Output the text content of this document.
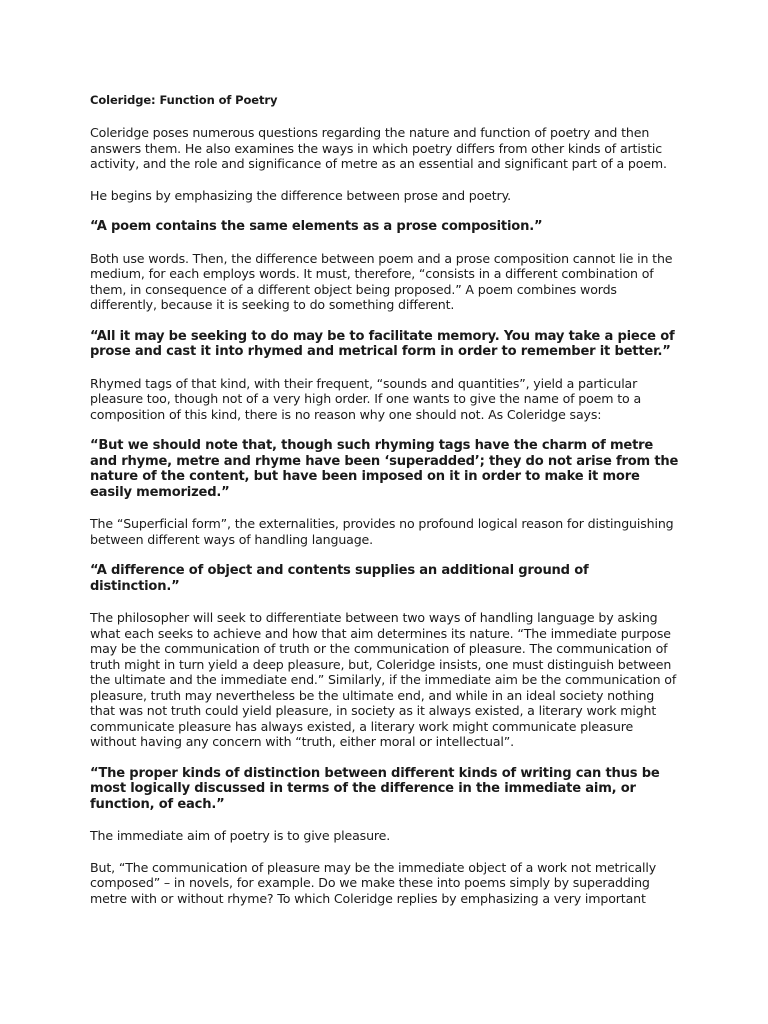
Coleridge: Function of Poetry

Coleridge poses numerous questions regarding the nature and function of poetry and then answers them. He also examines the ways in which poetry differs from other kinds of artistic activity, and the role and significance of metre as an essential and significant part of a poem.

He begins by emphasizing the difference between prose and poetry.

“A poem contains the same elements as a prose composition.”

Both use words. Then, the difference between poem and a prose composition cannot lie in the medium, for each employs words. It must, therefore, “consists in a different combination of them, in consequence of a different object being proposed.” A poem combines words differently, because it is seeking to do something different.

“All it may be seeking to do may be to facilitate memory. You may take a piece of prose and cast it into rhymed and metrical form in order to remember it better.”

Rhymed tags of that kind, with their frequent, “sounds and quantities”, yield a particular pleasure too, though not of a very high order. If one wants to give the name of poem to a composition of this kind, there is no reason why one should not. As Coleridge says:

“But we should note that, though such rhyming tags have the charm of metre and rhyme, metre and rhyme have been ‘superadded’; they do not arise from the nature of the content, but have been imposed on it in order to make it more easily memorized.”

The “Superficial form”, the externalities, provides no profound logical reason for distinguishing between different ways of handling language.

“A difference of object and contents supplies an additional ground of distinction.”

The philosopher will seek to differentiate between two ways of handling language by asking what each seeks to achieve and how that aim determines its nature. “The immediate purpose may be the communication of truth or the communication of pleasure. The communication of truth might in turn yield a deep pleasure, but, Coleridge insists, one must distinguish between the ultimate and the immediate end.” Similarly, if the immediate aim be the communication of pleasure, truth may nevertheless be the ultimate end, and while in an ideal society nothing that was not truth could yield pleasure, in society as it always existed, a literary work might communicate pleasure has always existed, a literary work might communicate pleasure without having any concern with “truth, either moral or intellectual”.

“The proper kinds of distinction between different kinds of writing can thus be most logically discussed in terms of the difference in the immediate aim, or function, of each.”

The immediate aim of poetry is to give pleasure.

But, “The communication of pleasure may be the immediate object of a work not metrically composed” – in novels, for example. Do we make these into poems simply by superadding metre with or without rhyme? To which Coleridge replies by emphasizing a very important
